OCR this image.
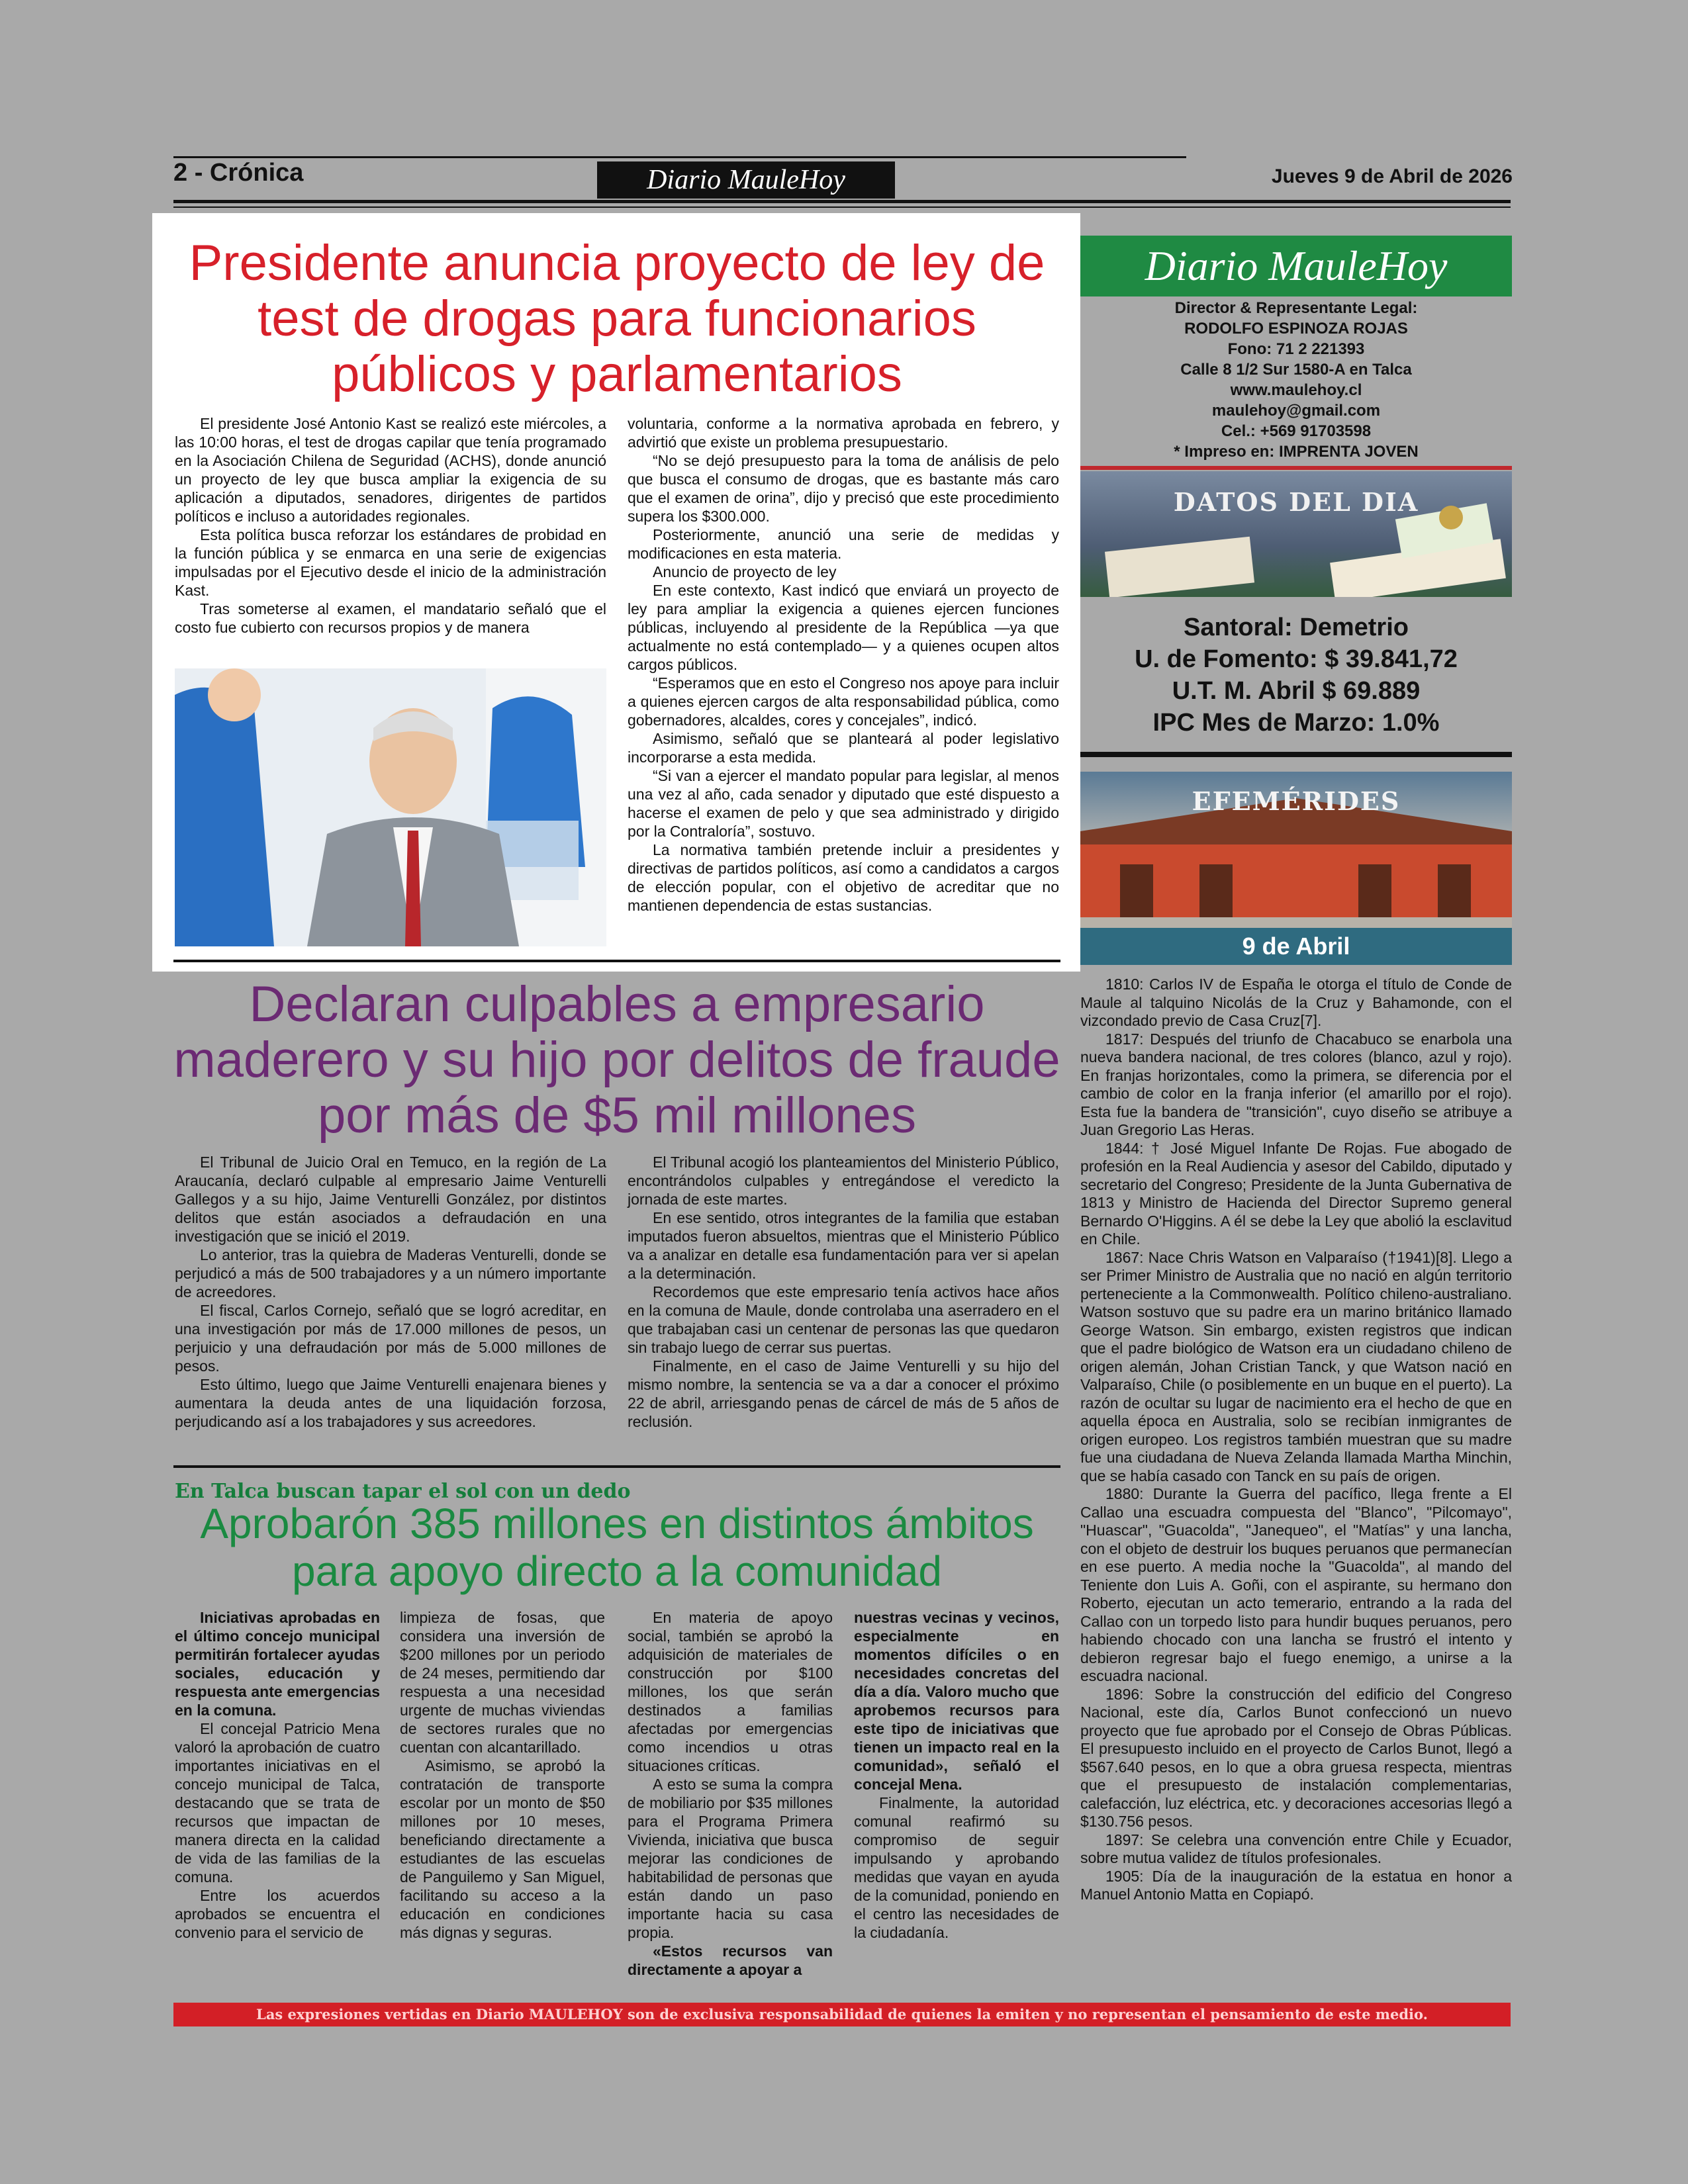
2 - Crónica	Diario MauleHoy	Jueves 9 de Abril de 2026
Presidente anuncia proyecto de ley de test de drogas para funcionarios públicos y parlamentarios

El presidente José Antonio Kast se realizó este miércoles, a las 10:00 horas, el test de drogas capilar que tenía programado en la Asociación Chilena de Seguridad (ACHS), donde anunció un proyecto de ley que busca ampliar la exigencia de su aplicación a diputados, senadores, dirigentes de partidos políticos e incluso a autoridades regionales.

Esta política busca reforzar los estándares de probidad en la función pública y se enmarca en una serie de exigencias impulsadas por el Ejecutivo desde el inicio de la administración Kast.

Tras someterse al examen, el mandatario señaló que el costo fue cubierto con recursos propios y de manera

voluntaria, conforme a la normativa aprobada en febrero, y advirtió que existe un problema presupuestario.

“No se dejó presupuesto para la toma de análisis de pelo que busca el consumo de drogas, que es bastante más caro que el examen de orina”, dijo y precisó que este procedimiento supera los $300.000.

Posteriormente, anunció una serie de medidas y modificaciones en esta materia.

Anuncio de proyecto de ley

En este contexto, Kast indicó que enviará un proyecto de ley para ampliar la exigencia a quienes ejercen funciones públicas, incluyendo al presidente de la República —ya que actualmente no está contemplado— y a quienes ocupen altos cargos públicos.

“Esperamos que en esto el Congreso nos apoye para incluir a quienes ejercen cargos de alta responsabilidad pública, como gobernadores, alcaldes, cores y concejales”, indicó.

Asimismo, señaló que se planteará al poder legislativo incorporarse a esta medida.

“Si van a ejercer el mandato popular para legislar, al menos una vez al año, cada senador y diputado que esté dispuesto a hacerse el examen de pelo y que sea administrado y dirigido por la Contraloría”, sostuvo.

La normativa también pretende incluir a presidentes y directivas de partidos políticos, así como a candidatos a cargos de elección popular, con el objetivo de acreditar que no mantienen dependencia de estas sustancias.

Declaran culpables a empresario maderero y su hijo por delitos de fraude por más de $5 mil millones

El Tribunal de Juicio Oral en Temuco, en la región de La Araucanía, declaró culpable al empresario Jaime Venturelli Gallegos y a su hijo, Jaime Venturelli González, por distintos delitos que están asociados a defraudación en una investigación que se inició el 2019.

Lo anterior, tras la quiebra de Maderas Venturelli, donde se perjudicó a más de 500 trabajadores y a un número importante de acreedores.

El fiscal, Carlos Cornejo, señaló que se logró acreditar, en una investigación por más de 17.000 millones de pesos, un perjuicio y una defraudación por más de 5.000 millones de pesos.

Esto último, luego que Jaime Venturelli enajenara bienes y aumentara la deuda antes de una liquidación forzosa, perjudicando así a los trabajadores y sus acreedores.

El Tribunal acogió los planteamientos del Ministerio Público, encontrándolos culpables y entregándose el veredicto la jornada de este martes.

En ese sentido, otros integrantes de la familia que estaban imputados fueron absueltos, mientras que el Ministerio Público va a analizar en detalle esa fundamentación para ver si apelan a la determinación.

Recordemos que este empresario tenía activos hace años en la comuna de Maule, donde controlaba una aserradero en el que trabajaban casi un centenar de personas las que quedaron sin trabajo luego de cerrar sus puertas.

Finalmente, en el caso de Jaime Venturelli y su hijo del mismo nombre, la sentencia se va a dar a conocer el próximo 22 de abril, arriesgando penas de cárcel de más de 5 años de reclusión.

En Talca buscan tapar el sol con un dedo
Aprobarón 385 millones en distintos ámbitos para apoyo directo a la comunidad

Iniciativas aprobadas en el último concejo municipal permitirán fortalecer ayudas sociales, educación y respuesta ante emergencias en la comuna.

El concejal Patricio Mena valoró la aprobación de cuatro importantes iniciativas en el concejo municipal de Talca, destacando que se trata de recursos que impactan de manera directa en la calidad de vida de las familias de la comuna.

Entre los acuerdos aprobados se encuentra el convenio para el servicio de

limpieza de fosas, que considera una inversión de $200 millones por un periodo de 24 meses, permitiendo dar respuesta a una necesidad urgente de muchas viviendas de sectores rurales que no cuentan con alcantarillado.

Asimismo, se aprobó la contratación de transporte escolar por un monto de $50 millones por 10 meses, beneficiando directamente a estudiantes de las escuelas de Panguilemo y San Miguel, facilitando su acceso a la educación en condiciones más dignas y seguras.

En materia de apoyo social, también se aprobó la adquisición de materiales de construcción por $100 millones, los que serán destinados a familias afectadas por emergencias como incendios u otras situaciones críticas.

A esto se suma la compra de mobiliario por $35 millones para el Programa Primera Vivienda, iniciativa que busca mejorar las condiciones de habitabilidad de personas que están dando un paso importante hacia su casa propia.

«Estos recursos van directamente a apoyar a

nuestras vecinas y vecinos, especialmente en momentos difíciles o en necesidades concretas del día a día. Valoro mucho que aprobemos recursos para este tipo de iniciativas que tienen un impacto real en la comunidad», señaló el concejal Mena.

Finalmente, la autoridad comunal reafirmó su compromiso de seguir impulsando y aprobando medidas que vayan en ayuda de la comunidad, poniendo en el centro las necesidades de la ciudadanía.

Diario MauleHoy
Director & Representante Legal:
RODOLFO ESPINOZA ROJAS
Fono: 71 2 221393
Calle 8 1/2 Sur 1580-A en Talca
www.maulehoy.cl
maulehoy@gmail.com
Cel.: +569 91703598
* Impreso en: IMPRENTA JOVEN
DATOS DEL DIA
Santoral: Demetrio
U. de Fomento: $ 39.841,72
U.T. M. Abril $ 69.889
IPC Mes de Marzo: 1.0%
EFEMÉRIDES
9 de Abril

1810: Carlos IV de España le otorga el título de Conde de Maule al talquino Nicolás de la Cruz y Bahamonde, con el vizcondado previo de Casa Cruz[7].

1817: Después del triunfo de Chacabuco se enarbola una nueva bandera nacional, de tres colores (blanco, azul y rojo). En franjas horizontales, como la primera, se diferencia por el cambio de color en la franja inferior (el amarillo por el rojo). Esta fue la bandera de "transición", cuyo diseño se atribuye a Juan Gregorio Las Heras.

1844: † José Miguel Infante De Rojas. Fue abogado de profesión en la Real Audiencia y asesor del Cabildo, diputado y secretario del Congreso; Presidente de la Junta Gubernativa de 1813 y Ministro de Hacienda del Director Supremo general Bernardo O'Higgins. A él se debe la Ley que abolió la esclavitud en Chile.

1867: Nace Chris Watson en Valparaíso (†1941)[8]. Llego a ser Primer Ministro de Australia que no nació en algún territorio perteneciente a la Commonwealth. Político chileno-australiano. Watson sostuvo que su padre era un marino británico llamado George Watson. Sin embargo, existen registros que indican que el padre biológico de Watson era un ciudadano chileno de origen alemán, Johan Cristian Tanck, y que Watson nació en Valparaíso, Chile (o posiblemente en un buque en el puerto). La razón de ocultar su lugar de nacimiento era el hecho de que en aquella época en Australia, solo se recibían inmigrantes de origen europeo. Los registros también muestran que su madre fue una ciudadana de Nueva Zelanda llamada Martha Minchin, que se había casado con Tanck en su país de origen.

1880: Durante la Guerra del pacífico, llega frente a El Callao una escuadra compuesta del "Blanco", "Pilcomayo", "Huascar", "Guacolda", "Janequeo", el "Matías" y una lancha, con el objeto de destruir los buques peruanos que permanecían en ese puerto. A media noche la "Guacolda", al mando del Teniente don Luis A. Goñi, con el aspirante, su hermano don Roberto, ejecutan un acto temerario, entrando a la rada del Callao con un torpedo listo para hundir buques peruanos, pero habiendo chocado con una lancha se frustró el intento y debieron regresar bajo el fuego enemigo, a unirse a la escuadra nacional.

1896: Sobre la construcción del edificio del Congreso Nacional, este día, Carlos Bunot confeccionó un nuevo proyecto que fue aprobado por el Consejo de Obras Públicas. El presupuesto incluido en el proyecto de Carlos Bunot, llegó a $567.640 pesos, en lo que a obra gruesa respecta, mientras que el presupuesto de instalación complementarias, calefacción, luz eléctrica, etc. y decoraciones accesorias llegó a $130.756 pesos.

1897: Se celebra una convención entre Chile y Ecuador, sobre mutua validez de títulos profesionales.

1905: Día de la inauguración de la estatua en honor a Manuel Antonio Matta en Copiapó.

Las expresiones vertidas en Diario MAULEHOY son de exclusiva responsabilidad de quienes la emiten y no representan el pensamiento de este medio.
